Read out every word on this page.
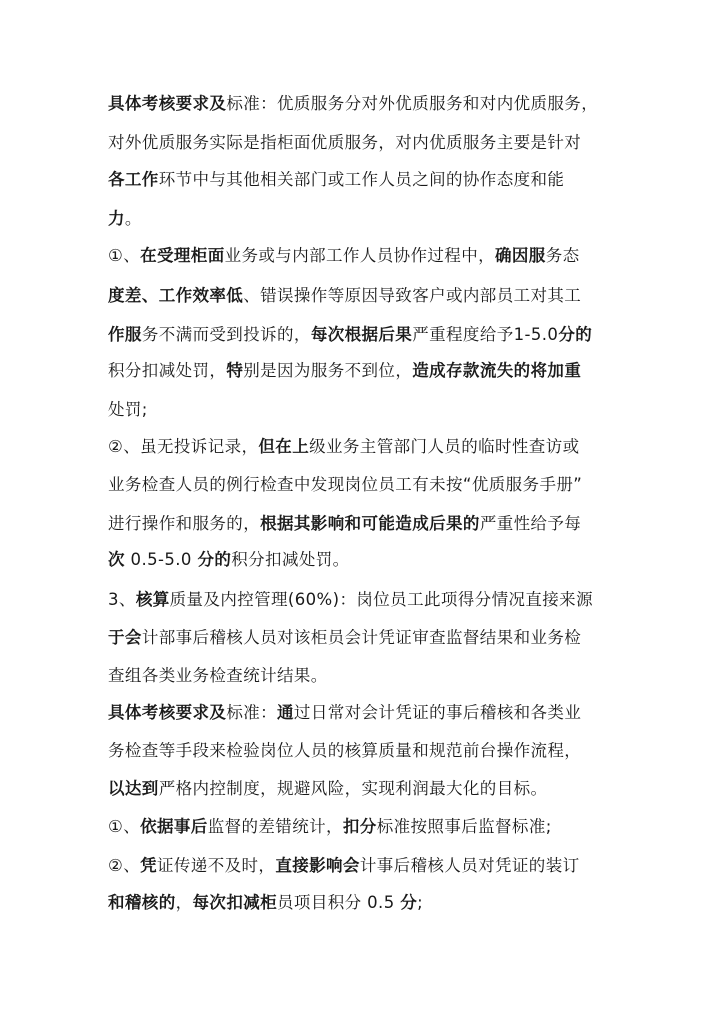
具体考核要求及标准：优质服务分对外优质服务和对内优质服务，
对外优质服务实际是指柜面优质服务，对内优质服务主要是针对
各工作环节中与其他相关部门或工作人员之间的协作态度和能
力。
①、在受理柜面业务或与内部工作人员协作过程中，确因服务态
度差、工作效率低、错误操作等原因导致客户或内部员工对其工
作服务不满而受到投诉的，每次根据后果严重程度给予1-5.0分的
积分扣减处罚，特别是因为服务不到位，造成存款流失的将加重
处罚;
②、虽无投诉记录，但在上级业务主管部门人员的临时性查访或
业务检查人员的例行检查中发现岗位员工有未按“优质服务手册”
进行操作和服务的，根据其影响和可能造成后果的严重性给予每
次 0.5-5.0 分的积分扣减处罚。
3、核算质量及内控管理(60%)：岗位员工此项得分情况直接来源
于会计部事后稽核人员对该柜员会计凭证审查监督结果和业务检
查组各类业务检查统计结果。
具体考核要求及标准：通过日常对会计凭证的事后稽核和各类业
务检查等手段来检验岗位人员的核算质量和规范前台操作流程，
以达到严格内控制度，规避风险，实现利润最大化的目标。
①、依据事后监督的差错统计，扣分标准按照事后监督标准;
②、凭证传递不及时，直接影响会计事后稽核人员对凭证的装订
和稽核的，每次扣减柜员项目积分 0.5 分;
